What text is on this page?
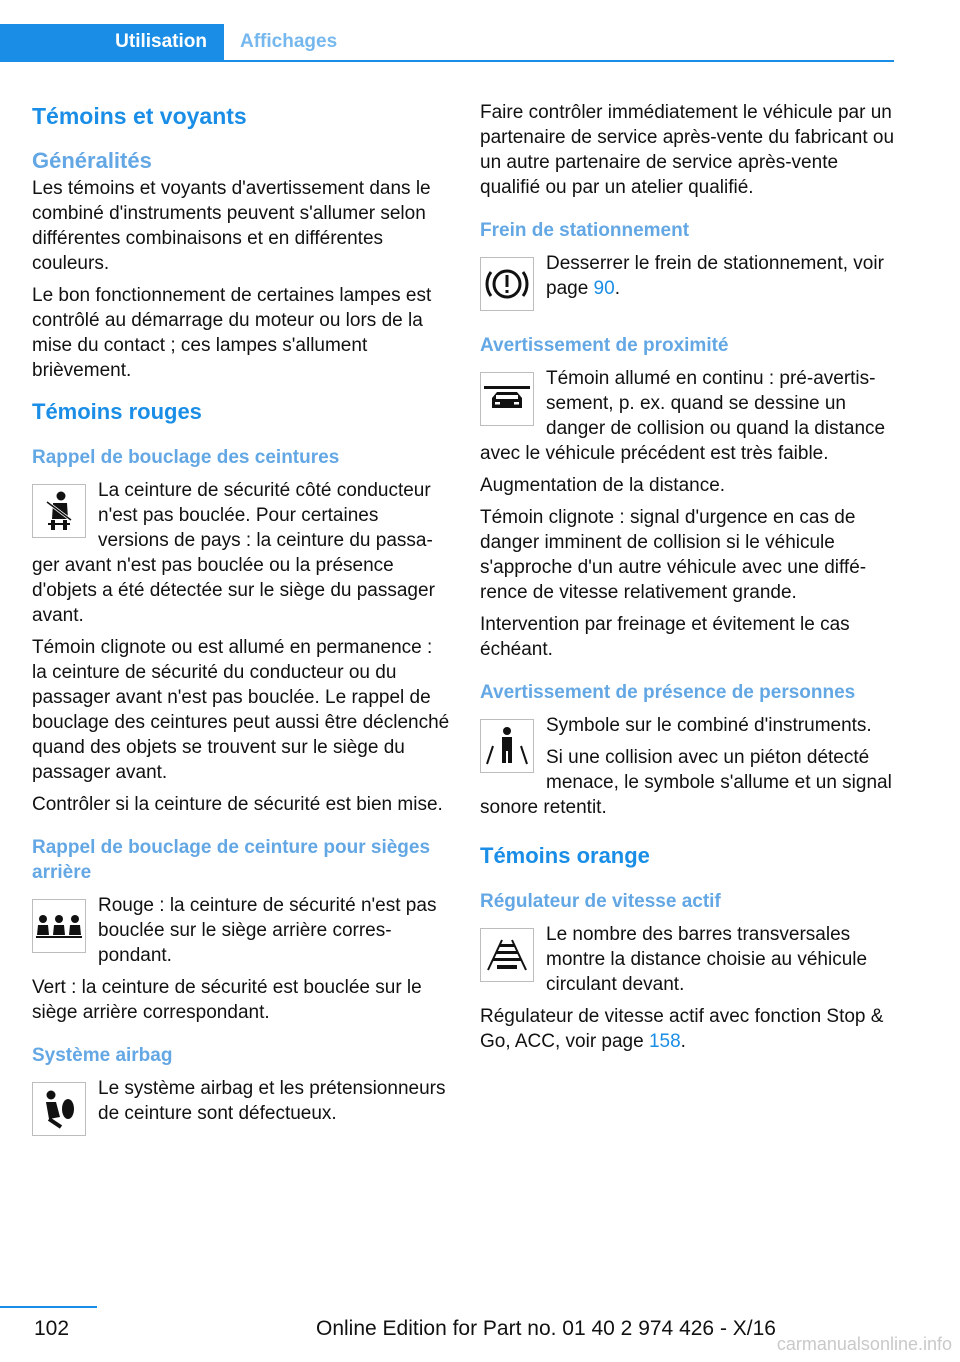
Utilisation	Affichages
Témoins et voyants
Généralités

Les témoins et voyants d'avertissement dans le combiné d'instruments peuvent s'allumer selon différentes combinaisons et en différentes couleurs.

Le bon fonctionnement de certaines lampes est contrôlé au démarrage du moteur ou lors de la mise du contact ; ces lampes s'allument brièvement.

Témoins rouges
Rappel de bouclage des ceintures

La ceinture de sécurité côté conducteur n'est pas bouclée. Pour certaines versions de pays : la ceinture du passager avant n'est pas bouclée ou la présence d'objets a été détectée sur le siège du passager avant.

Témoin clignote ou est allumé en permanence : la ceinture de sécurité du conducteur ou du passager avant n'est pas bouclée. Le rappel de bouclage des ceintures peut aussi être déclenché quand des objets se trouvent sur le siège du passager avant.

Contrôler si la ceinture de sécurité est bien mise.

Rappel de bouclage de ceinture pour sièges arrière

Rouge : la ceinture de sécurité n'est pas bouclée sur le siège arrière correspondant.

Vert : la ceinture de sécurité est bouclée sur le siège arrière correspondant.

Système airbag

Le système airbag et les prétensionneurs de ceinture sont défectueux.

Faire contrôler immédiatement le véhicule par un partenaire de service après-vente du fabricant ou un autre partenaire de service après-vente qualifié ou par un atelier qualifié.

Frein de stationnement

Desserrer le frein de stationnement, voir page 90.

Avertissement de proximité

Témoin allumé en continu : pré-avertissement, p. ex. quand se dessine un danger de collision ou quand la distance avec le véhicule précédent est très faible.

Augmentation de la distance.

Témoin clignote : signal d'urgence en cas de danger imminent de collision si le véhicule s'approche d'un autre véhicule avec une différence de vitesse relativement grande.

Intervention par freinage et évitement le cas échéant.

Avertissement de présence de personnes

Symbole sur le combiné d'instruments.

Si une collision avec un piéton détecté menace, le symbole s'allume et un signal sonore retentit.

Témoins orange
Régulateur de vitesse actif

Le nombre des barres transversales montre la distance choisie au véhicule circulant devant.

Régulateur de vitesse actif avec fonction Stop & Go, ACC, voir page 158.

102	Online Edition for Part no. 01 40 2 974 426 - X/16
carmanualsonline.info
